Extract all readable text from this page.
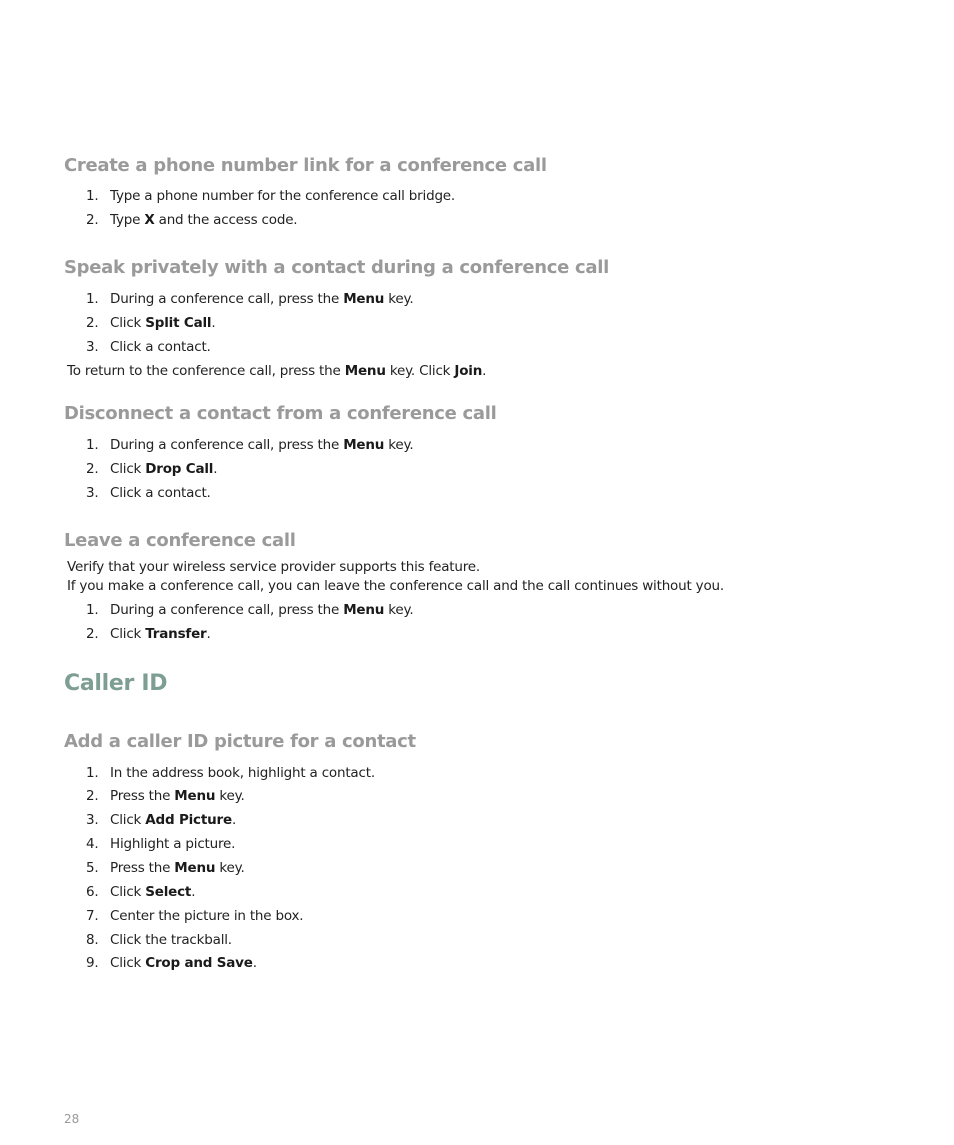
Create a phone number link for a conference call
1. Type a phone number for the conference call bridge.
2. Type X and the access code.
Speak privately with a contact during a conference call
1. During a conference call, press the Menu key.
2. Click Split Call.
3. Click a contact.

To return to the conference call, press the Menu key. Click Join.

Disconnect a contact from a conference call
1. During a conference call, press the Menu key.
2. Click Drop Call.
3. Click a contact.
Leave a conference call

Verify that your wireless service provider supports this feature.

If you make a conference call, you can leave the conference call and the call continues without you.

1. During a conference call, press the Menu key.
2. Click Transfer.
Caller ID
Add a caller ID picture for a contact
1. In the address book, highlight a contact.
2. Press the Menu key.
3. Click Add Picture.
4. Highlight a picture.
5. Press the Menu key.
6. Click Select.
7. Center the picture in the box.
8. Click the trackball.
9. Click Crop and Save.
28
